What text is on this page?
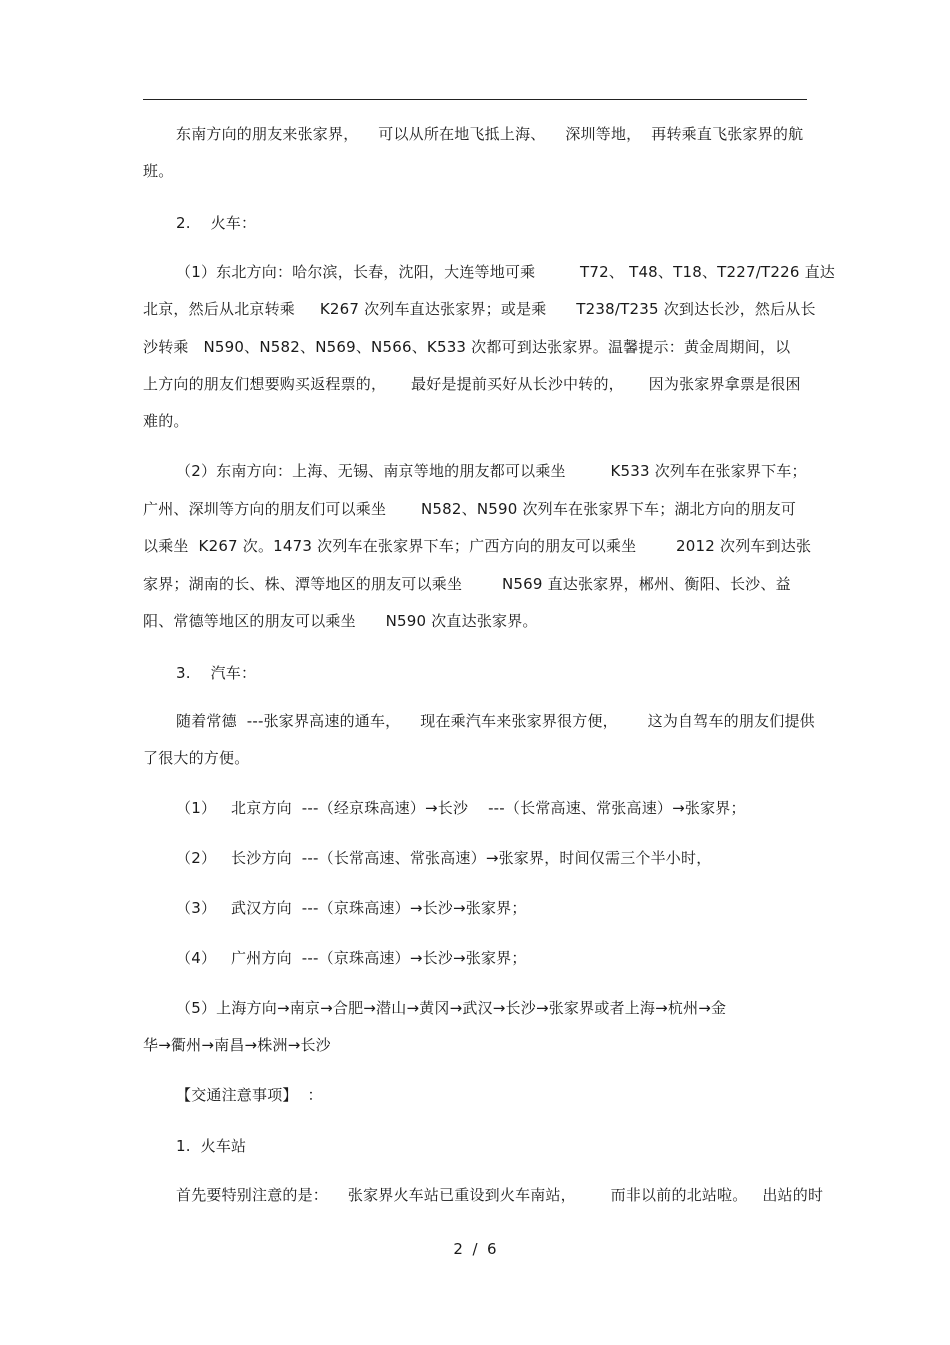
东南方向的朋友来张家界，    可以从所在地飞抵上海、    深圳等地，  再转乘直飞张家界的航
班。
2.    火车：
（1）东北方向：哈尔滨，长春，沈阳，大连等地可乘         T72、 T48、T18、T227/T226 直达
北京，然后从北京转乘     K267 次列车直达张家界；或是乘      T238/T235 次到达长沙，然后从长
沙转乘   N590、N582、N569、N566、K533 次都可到达张家界。温馨提示：黄金周期间，以
上方向的朋友们想要购买返程票的，     最好是提前买好从长沙中转的，     因为张家界拿票是很困
难的。
（2）东南方向：上海、无锡、南京等地的朋友都可以乘坐         K533 次列车在张家界下车；
广州、深圳等方向的朋友们可以乘坐       N582、N590 次列车在张家界下车；湖北方向的朋友可
以乘坐  K267 次。1473 次列车在张家界下车；广西方向的朋友可以乘坐        2012 次列车到达张
家界；湖南的长、株、潭等地区的朋友可以乘坐        N569 直达张家界，郴州、衡阳、长沙、益
阳、常德等地区的朋友可以乘坐      N590 次直达张家界。
3.    汽车：
随着常德  ---张家界高速的通车，    现在乘汽车来张家界很方便，      这为自驾车的朋友们提供
了很大的方便。
（1）   北京方向  ---（经京珠高速）→长沙    ---（长常高速、常张高速）→张家界；
（2）   长沙方向  ---（长常高速、常张高速）→张家界，时间仅需三个半小时，
（3）   武汉方向  ---（京珠高速）→长沙→张家界；
（4）   广州方向  ---（京珠高速）→长沙→张家界；
（5）上海方向→南京→合肥→潜山→黄冈→武汉→长沙→张家界或者上海→杭州→金
华→衢州→南昌→株洲→长沙
【交通注意事项】  ：
1.  火车站
首先要特别注意的是：    张家界火车站已重设到火车南站，       而非以前的北站啦。   出站的时
2  /  6
